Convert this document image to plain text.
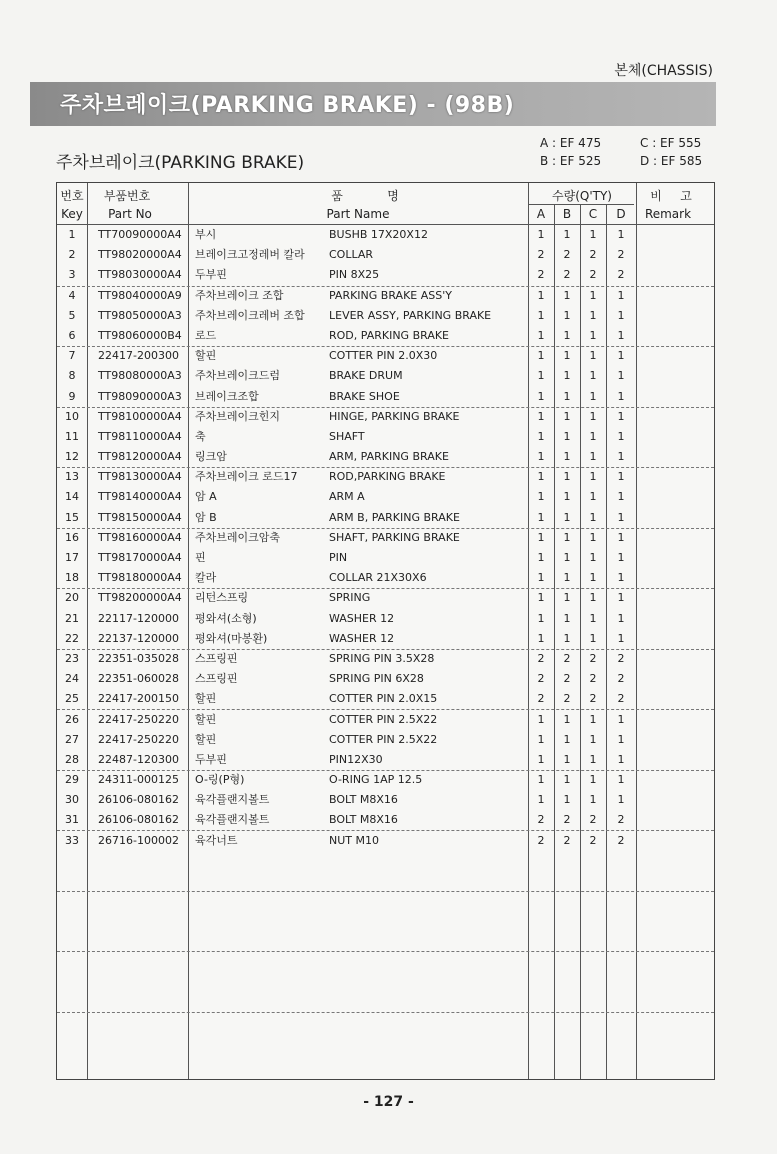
본체(CHASSIS)
주차브레이크(PARKING BRAKE) - (98B)
주차브레이크(PARKING BRAKE)
A : EF 475
B : EF 525
C : EF 555
D : EF 585
번호
Key
부품번호
Part No
품	명
Part Name
수량(Q'TY)
A	B	C	D
비 고
Remark
1	TT70090000A4 부시	BUSHB 17X20X12	1	1	1	1
2	TT98020000A4 브레이크고정레버 칼라 COLLAR	2	2	2	2
3	TT98030000A4 두부핀	PIN 8X25	2	2	2	2
4	TT98040000A9 주차브레이크 조합	PARKING BRAKE ASS'Y	1	1	1	1
5	TT98050000A3 주차브레이크레버 조합 LEVER ASSY, PARKING BRAKE	1	1	1	1
6	TT98060000B4 로드	ROD, PARKING BRAKE	1	1	1	1
7	22417-200300 할핀	COTTER PIN 2.0X30	1	1	1	1
8	TT98080000A3 주차브레이크드럼	BRAKE DRUM	1	1	1	1
9	TT98090000A3 브레이크조합	BRAKE SHOE	1	1	1	1
10	TT98100000A4 주차브레이크힌지	HINGE, PARKING BRAKE	1	1	1	1
11	TT98110000A4 축	SHAFT	1	1	1	1
12	TT98120000A4 링크암	ARM, PARKING BRAKE	1	1	1	1
13	TT98130000A4 주차브레이크 로드17	ROD,PARKING BRAKE	1	1	1	1
14	TT98140000A4 암 A	ARM A	1	1	1	1
15	TT98150000A4 암 B	ARM B, PARKING BRAKE	1	1	1	1
16	TT98160000A4 주차브레이크암축	SHAFT, PARKING BRAKE	1	1	1	1
17	TT98170000A4 핀	PIN	1	1	1	1
18	TT98180000A4 칼라	COLLAR 21X30X6	1	1	1	1
20	TT98200000A4 리턴스프링	SPRING	1	1	1	1
21	22117-120000 평와셔(소형)	WASHER 12	1	1	1	1
22	22137-120000 평와셔(마봉환)	WASHER 12	1	1	1	1
23	22351-035028 스프링핀	SPRING PIN 3.5X28	2	2	2	2
24	22351-060028 스프링핀	SPRING PIN 6X28	2	2	2	2
25	22417-200150 할핀	COTTER PIN 2.0X15	2	2	2	2
26	22417-250220 할핀	COTTER PIN 2.5X22	1	1	1	1
27	22417-250220 할핀	COTTER PIN 2.5X22	1	1	1	1
28	22487-120300 두부핀	PIN12X30	1	1	1	1
29	24311-000125 O-링(P형)	O-RING 1AP 12.5	1	1	1	1
30	26106-080162 육각플랜지볼트	BOLT M8X16	1	1	1	1
31	26106-080162 육각플랜지볼트	BOLT M8X16	2	2	2	2
33	26716-100002 육각너트	NUT M10	2	2	2	2
- 127 -
